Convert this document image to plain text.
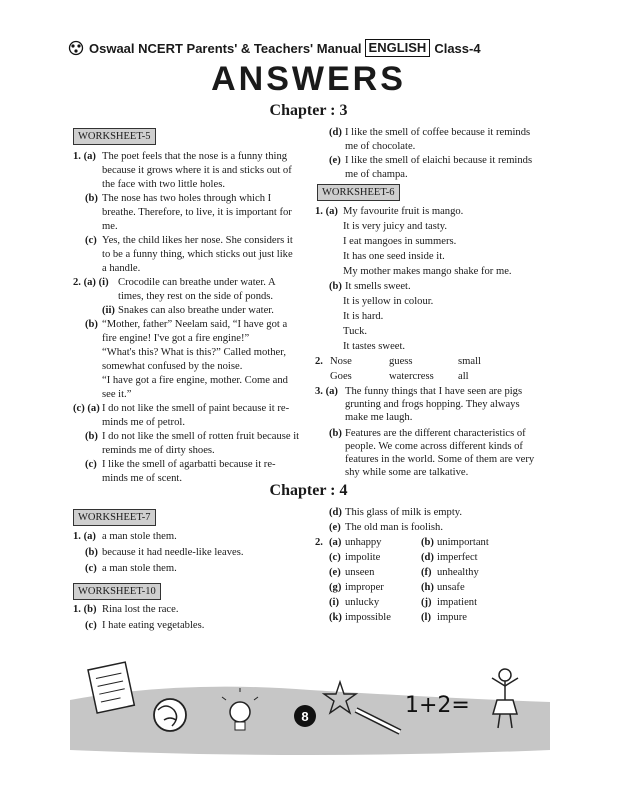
Oswaal NCERT Parents' & Teachers' Manual ENGLISH Class-4
ANSWERS
Chapter : 3
WORKSHEET-5
1. (a) The poet feels that the nose is a funny thing
because it grows where it is and sticks out of
the face with two little holes.
(b) The nose has two holes through which I
breathe. Therefore, to live, it is important for
me.
(c) Yes, the child likes her nose. She considers it
to be a funny thing, which sticks out just like
a handle.
2. (a) (i) Crocodile can breathe under water. A
times, they rest on the side of ponds.
(ii) Snakes can also breathe under water.
(b) “Mother, father” Neelam said, “I have got a
fire engine! I've got a fire engine!”
“What's this? What is this?” Called mother,
somewhat confused by the noise.
“I have got a fire engine, mother. Come and
see it.”
(c) (a) I do not like the smell of paint because it re-
minds me of petrol.
(b) I do not like the smell of rotten fruit because it
reminds me of dirty shoes.
(c) I like the smell of agarbatti because it re-
minds me of scent.
(d) I like the smell of coffee because it reminds
me of chocolate.
(e) I like the smell of elaichi because it reminds
me of champa.
WORKSHEET-6
1. (a) My favourite fruit is mango.
It is very juicy and tasty.
I eat mangoes in summers.
It has one seed inside it.
My mother makes mango shake for me.
(b) It smells sweet.
It is yellow in colour.
It is hard.
Tuck.
It tastes sweet.
2. Nose	guess	small
Goes	watercress all
3. (a) The funny things that I have seen are pigs
grunting and frogs hopping. They always
make me laugh.
(b) Features are the different characteristics of
people. We come across different kinds of
features in the world. Some of them are very
shy while some are talkative.
Chapter : 4
WORKSHEET-7
1. (a) a man stole them.
(b) because it had needle-like leaves.
(c) a man stole them.
WORKSHEET-10
1. (b) Rina lost the race.
(c) I hate eating vegetables.
(d) This glass of milk is empty.
(e) The old man is foolish.
2. (a) unhappy	(b) unimportant
(c) impolite	(d) imperfect
(e) unseen	(f) unhealthy
(g) improper	(h) unsafe
(i) unlucky	(j) impatient
(k) impossible	(l) impure
8	1+2=
